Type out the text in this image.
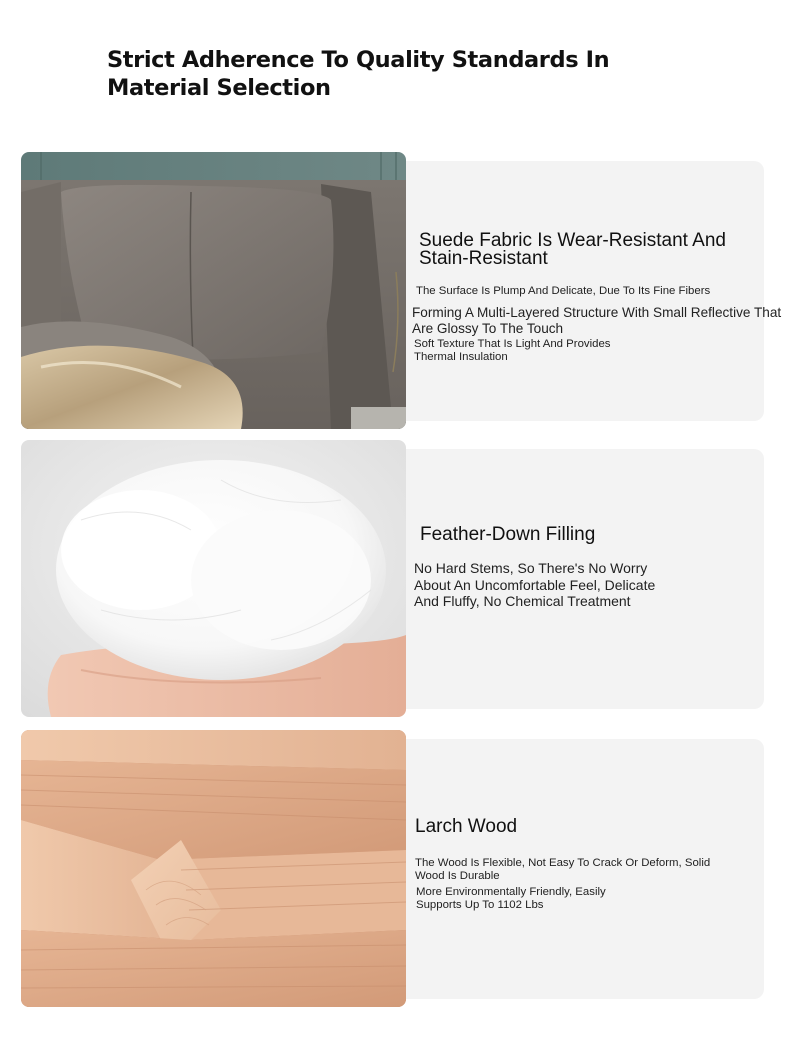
Strict Adherence To Quality Standards In Material Selection
Suede Fabric Is Wear-Resistant And Stain-Resistant
The Surface Is Plump And Delicate, Due To Its Fine Fibers
Forming A Multi-Layered Structure With Small Reflective That Are Glossy To The Touch
Soft Texture That Is Light And Provides Thermal Insulation
Feather-Down Filling
No Hard Stems, So There's No Worry About An Uncomfortable Feel, Delicate And Fluffy, No Chemical Treatment
Larch Wood
The Wood Is Flexible, Not Easy To Crack Or Deform, Solid Wood Is Durable
More Environmentally Friendly, Easily Supports Up To 1102 Lbs
